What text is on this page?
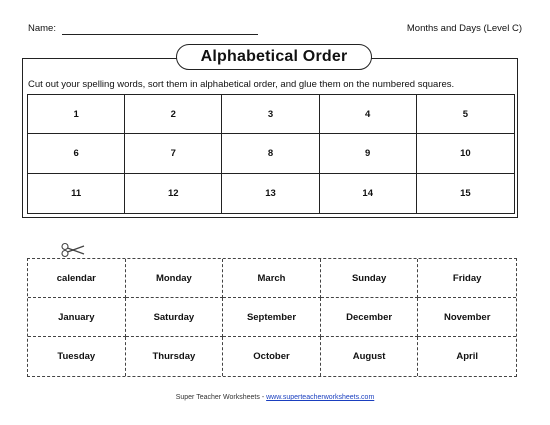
Name:	Months and Days (Level C)
Alphabetical Order
Cut out your spelling words, sort them in alphabetical order, and glue them on the numbered squares.
1	2	3	4	5
6	7	8	9	10
11	12	13	14	15
calendar	Monday	March	Sunday	Friday
January	Saturday	September	December	November
Tuesday	Thursday	October	August	April
Super Teacher Worksheets - www.superteacherworksheets.com
